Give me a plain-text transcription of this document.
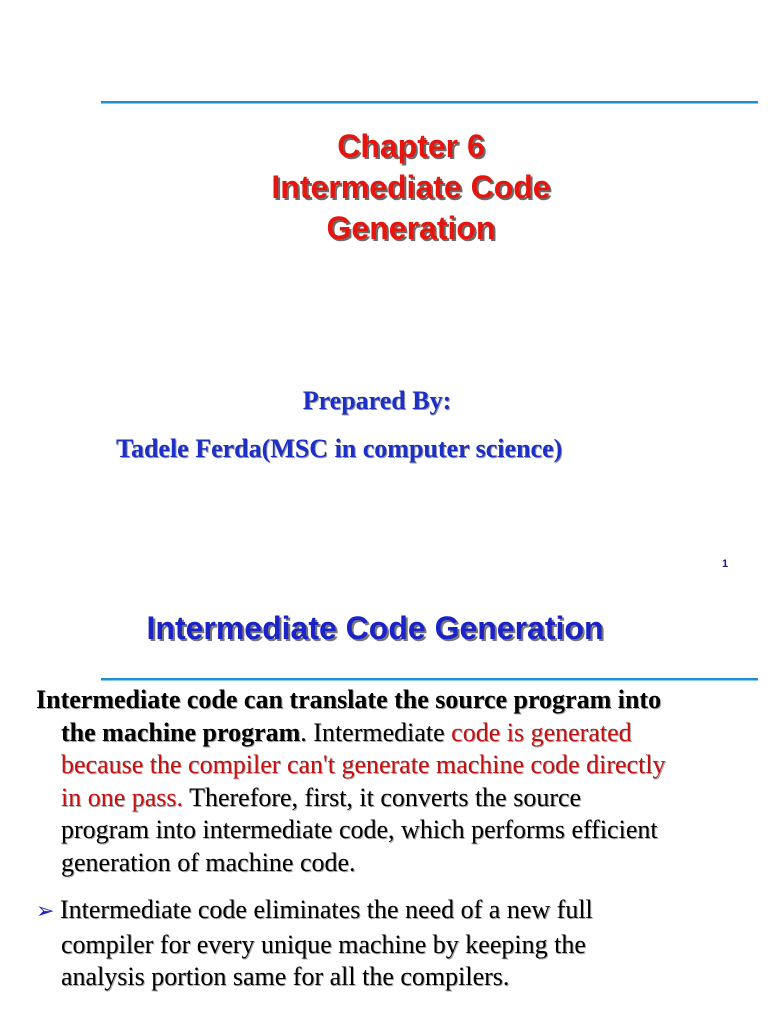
Chapter 6
Intermediate Code
Generation
Prepared By:
Tadele Ferda(MSC in computer science)
1
Intermediate Code Generation
Intermediate code can translate the source program into
the machine program. Intermediate code is generated
because the compiler can't generate machine code directly
in one pass. Therefore, first, it converts the source
program into intermediate code, which performs efficient
generation of machine code.
➢ Intermediate code eliminates the need of a new full
compiler for every unique machine by keeping the
analysis portion same for all the compilers.
